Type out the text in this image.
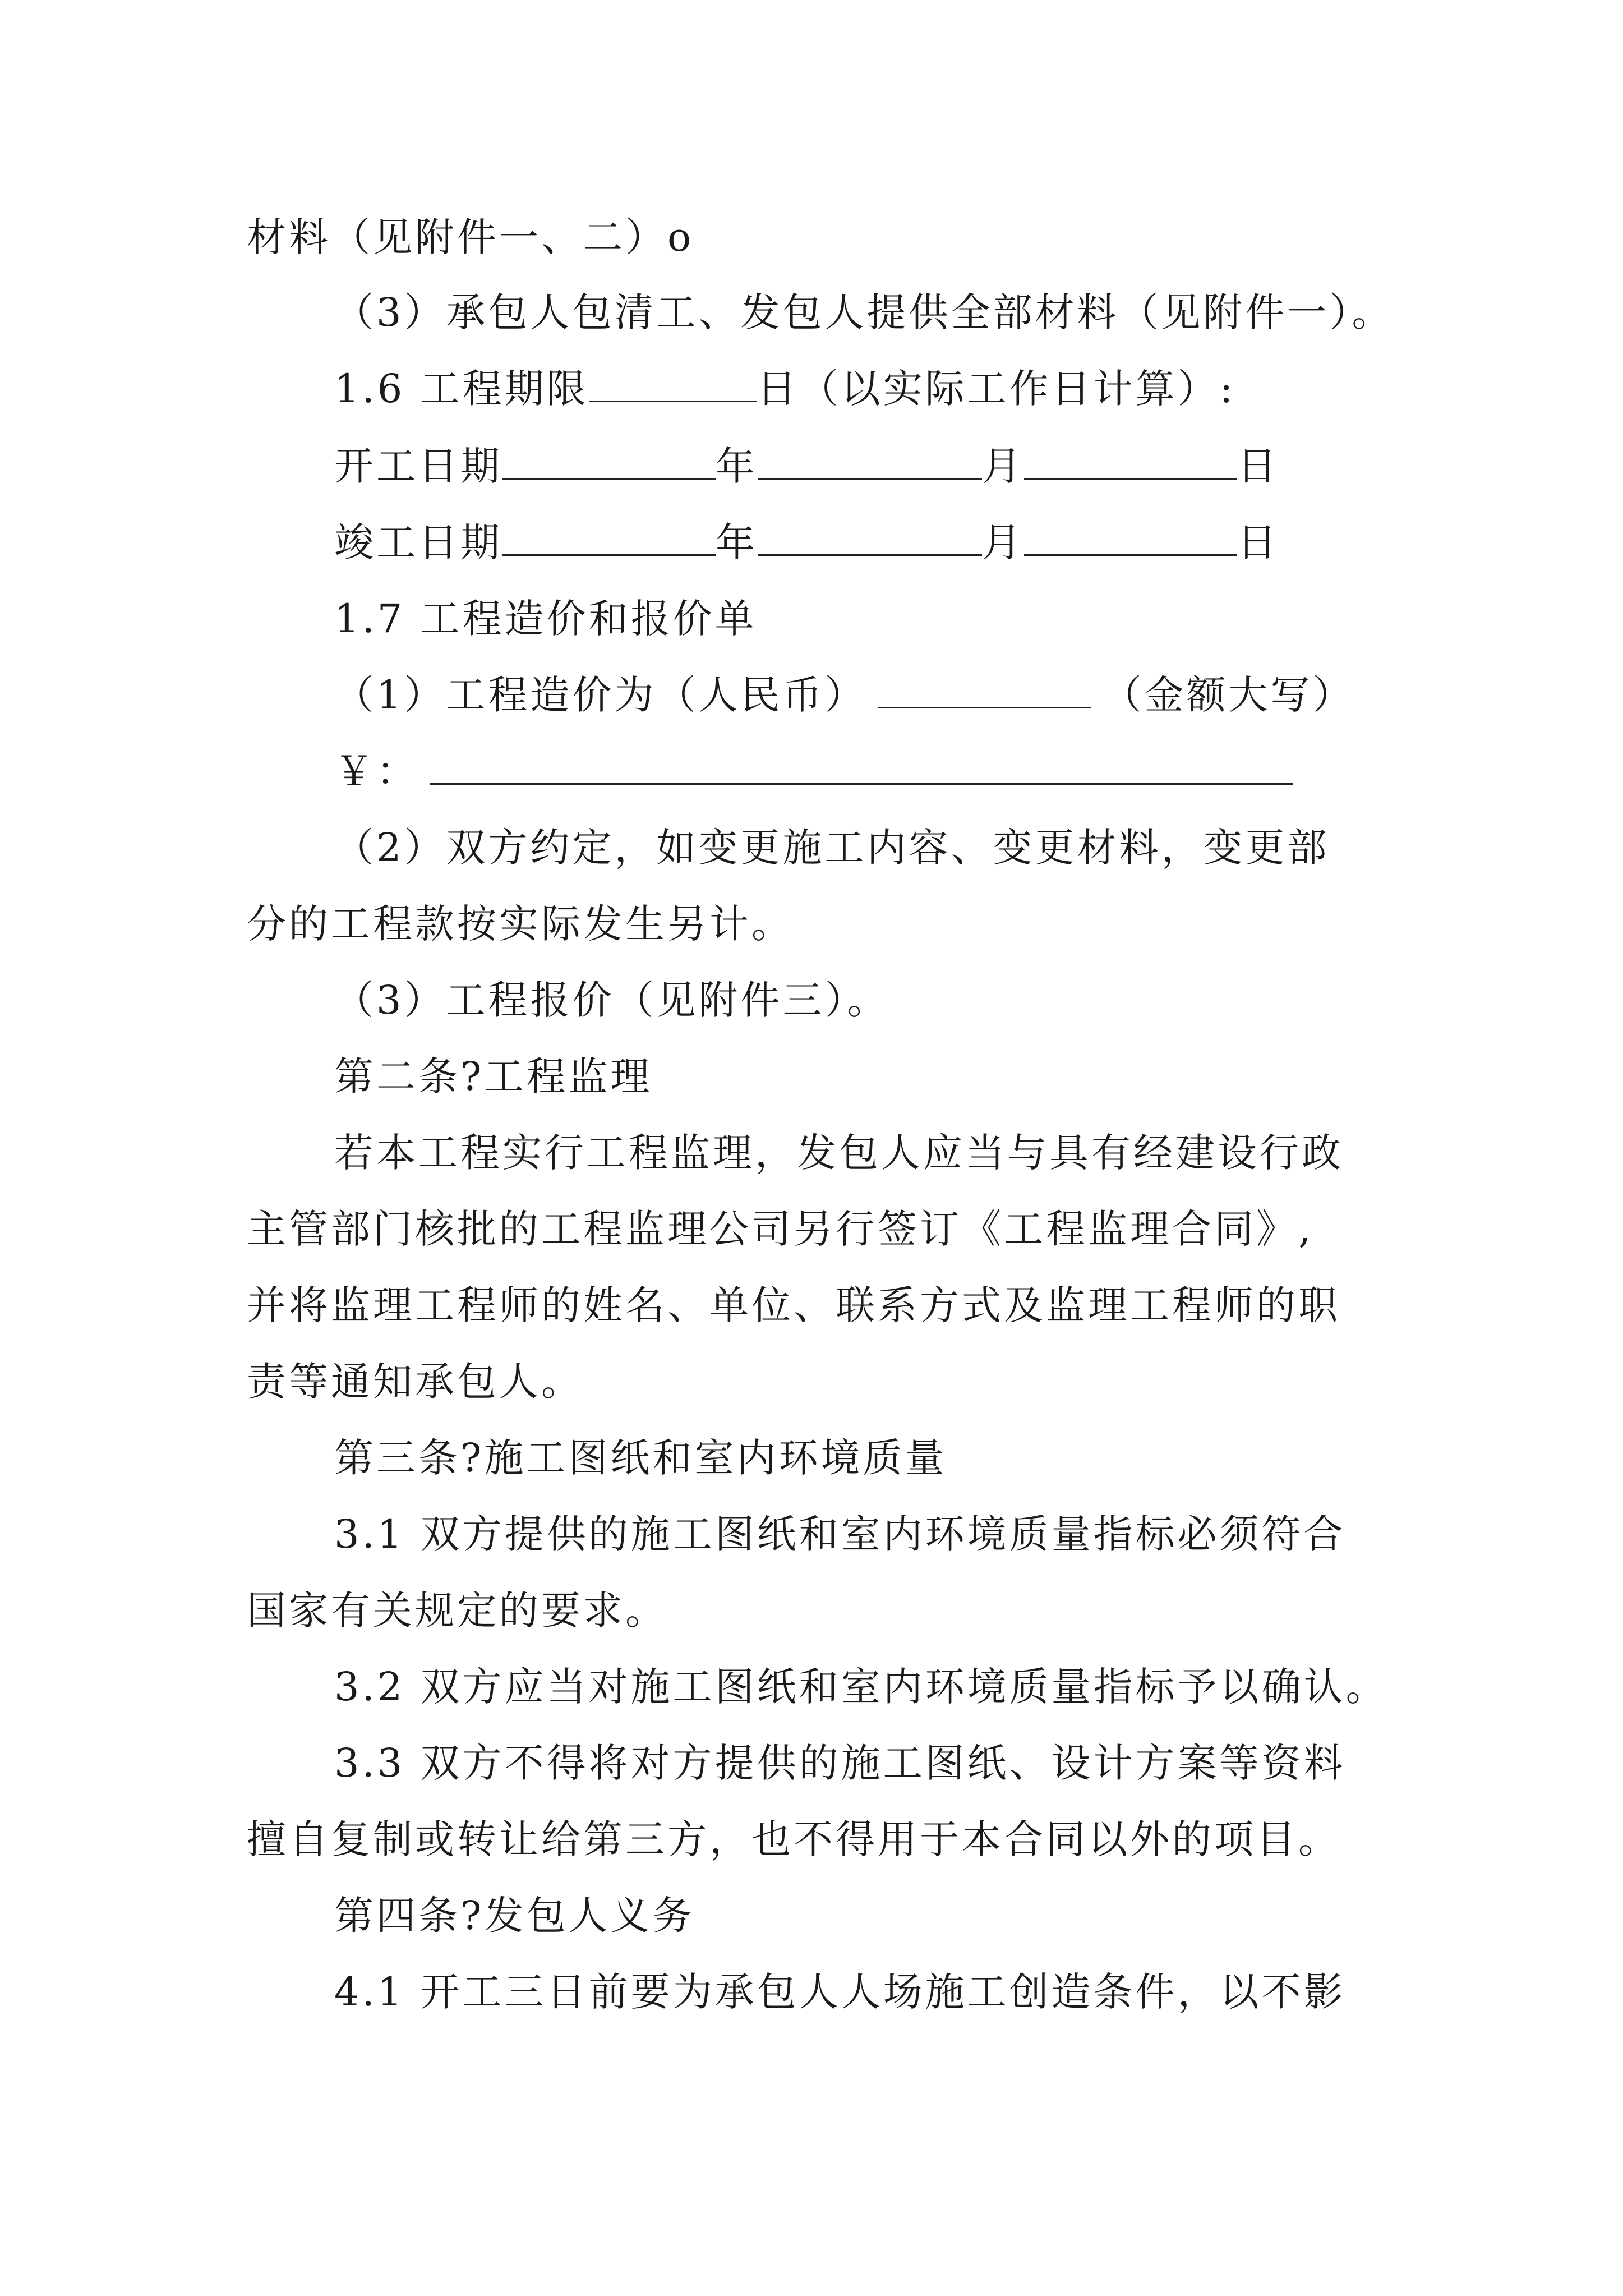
材料（见附件一、二）o
（3）承包人包清工、发包人提供全部材料（见附件一）。
1.6 工程期限	日（以实际工作日计算）:
开工日期	年	月	日
竣工日期	年	月	日
1.7 工程造价和报价单
（1）工程造价为（人民币）	（金额大写）
￥：
（2）双方约定，如变更施工内容、变更材料，变更部
分的工程款按实际发生另计。
（3）工程报价（见附件三）。
第二条?工程监理
若本工程实行工程监理，发包人应当与具有经建设行政
主管部门核批的工程监理公司另行签订《工程监理合同》,
并将监理工程师的姓名、单位、联系方式及监理工程师的职
责等通知承包人。
第三条?施工图纸和室内环境质量
3.1 双方提供的施工图纸和室内环境质量指标必须符合
国家有关规定的要求。
3.2 双方应当对施工图纸和室内环境质量指标予以确认。
3.3 双方不得将对方提供的施工图纸、设计方案等资料
擅自复制或转让给第三方，也不得用于本合同以外的项目。
第四条?发包人义务
4.1 开工三日前要为承包人人场施工创造条件，以不影
